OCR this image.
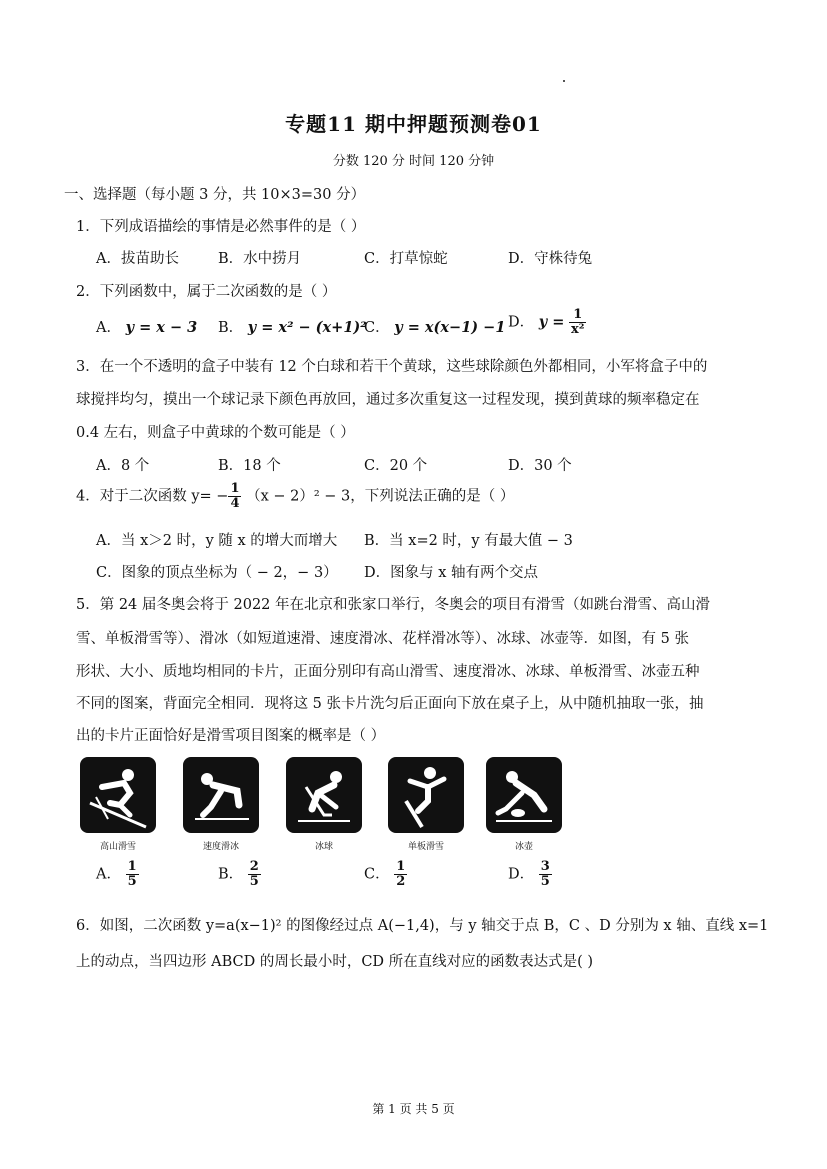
专题11 期中押题预测卷01
分数 120 分 时间 120 分钟
一、选择题（每小题 3 分，共 10×3=30 分）
1．下列成语描绘的事情是必然事件的是（ ）
A．拔苗助长	B．水中捞月	C．打草惊蛇	D．守株待兔
2．下列函数中，属于二次函数的是（ ）
A． y = x − 3 B． y = x² − (x+1)²
C． y = x(x−1) −1 D． $y = \frac{1}{\text{x²}}$
3．在一个不透明的盒子中装有 12 个白球和若干个黄球，这些球除颜色外都相同，小军将盒子中的
球搅拌均匀，摸出一个球记录下颜色再放回，通过多次重复这一过程发现，摸到黄球的频率稳定在
0.4 左右，则盒子中黄球的个数可能是（ ）
A．8 个	B．18 个	C．20 个	D．30 个
4．对于二次函数 $y= - \frac{1}{4} (x - 2)^2 - 3$，下列说法正确的是（ ）
A．当 x＞2 时，y 随 x 的增大而增大 B．当 x=2 时，y 有最大值 − 3
C．图象的顶点坐标为（ − 2，− 3） D．图象与 x 轴有两个交点
5．第 24 届冬奥会将于 2022 年在北京和张家口举行，冬奥会的项目有滑雪（如跳台滑雪、高山滑
雪、单板滑雪等）、滑冰（如短道速滑、速度滑冰、花样滑冰等）、冰球、冰壶等．如图，有 5 张
形状、大小、质地均相同的卡片，正面分别印有高山滑雪、速度滑冰、冰球、单板滑雪、冰壶五种
不同的图案，背面完全相同．现将这 5 张卡片洗匀后正面向下放在桌子上，从中随机抽取一张，抽
出的卡片正面恰好是滑雪项目图案的概率是（ ）
高山滑雪	速度滑冰	冰球	单板滑雪	冰壶
A． $\frac{1}{5}$	B． $\frac{2}{5}$	C． $\frac{1}{2}$	D． $\frac{3}{5}$
6．如图，二次函数 y=a(x−1)² 的图像经过点 A(−1,4)，与 y 轴交于点 B，C 、D 分别为 x 轴、直线 x=1
上的动点，当四边形 ABCD 的周长最小时，CD 所在直线对应的函数表达式是( )
第 1 页 共 5 页
